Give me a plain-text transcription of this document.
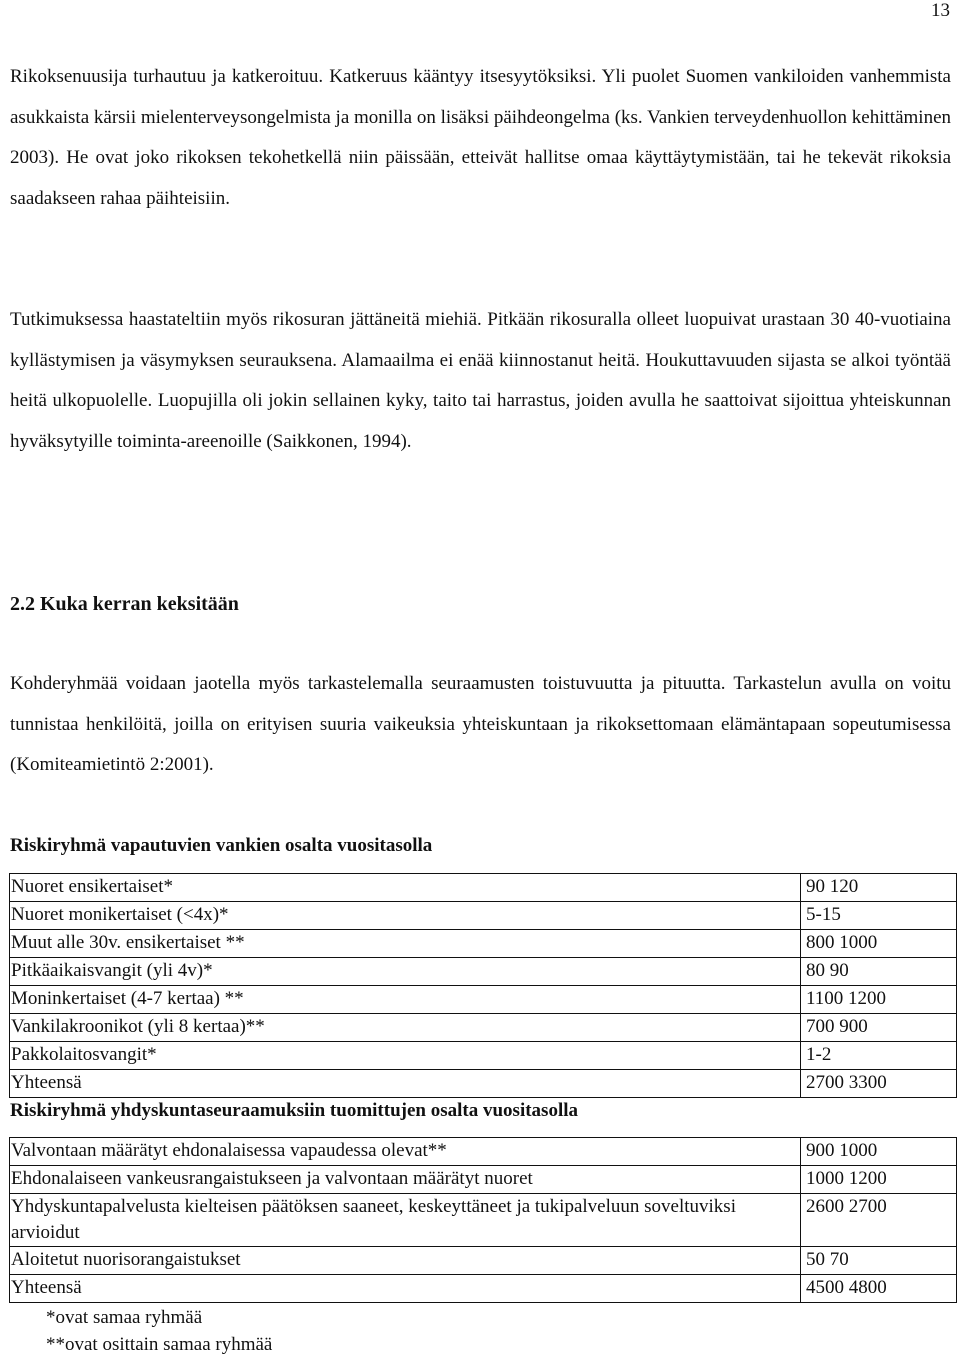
13

Rikoksenuusija turhautuu ja katkeroituu. Katkeruus kääntyy itsesyytöksiksi. Yli puolet Suomen vankiloiden vanhemmista asukkaista kärsii mielenterveysongelmista ja monilla on lisäksi päihdeongelma (ks. Vankien terveydenhuollon kehittäminen 2003). He ovat joko rikoksen tekohetkellä niin päissään, etteivät hallitse omaa käyttäytymistään, tai he tekevät rikoksia saadakseen rahaa päihteisiin.

Tutkimuksessa haastateltiin myös rikosuran jättäneitä miehiä. Pitkään rikosuralla olleet luopuivat urastaan 30 40-vuotiaina kyllästymisen ja väsymyksen seurauksena. Alamaailma ei enää kiinnostanut heitä. Houkuttavuuden sijasta se alkoi työntää heitä ulkopuolelle. Luopujilla oli jokin sellainen kyky, taito tai harrastus, joiden avulla he saattoivat sijoittua yhteiskunnan hyväksytyille toiminta-areenoille (Saikkonen, 1994).

2.2 Kuka kerran keksitään

Kohderyhmää voidaan jaotella myös tarkastelemalla seuraamusten toistuvuutta ja pituutta. Tarkastelun avulla on voitu tunnistaa henkilöitä, joilla on erityisen suuria vaikeuksia yhteiskuntaan ja rikoksettomaan elämäntapaan sopeutumisessa (Komiteamietintö 2:2001).

Riskiryhmä vapautuvien vankien osalta vuositasolla
Nuoret ensikertaiset*	90 120
Nuoret monikertaiset (<4x)*	5-15
Muut alle 30v. ensikertaiset **	800 1000
Pitkäaikaisvangit (yli 4v)*	80 90
Moninkertaiset (4-7 kertaa) **	1100 1200
Vankilakroonikot (yli 8 kertaa)**	700 900
Pakkolaitosvangit*	1-2
Yhteensä	2700 3300
Riskiryhmä yhdyskuntaseuraamuksiin tuomittujen osalta vuositasolla
Valvontaan määrätyt ehdonalaisessa vapaudessa olevat**	900 1000
Ehdonalaiseen vankeusrangaistukseen ja valvontaan määrätyt nuoret	1000 1200
Yhdyskuntapalvelusta kielteisen päätöksen saaneet, keskeyttäneet ja tukipalveluun soveltuviksi arvioidut	2600 2700
Aloitetut nuorisorangaistukset	50 70
Yhteensä	4500 4800
*ovat samaa ryhmää
**ovat osittain samaa ryhmää
